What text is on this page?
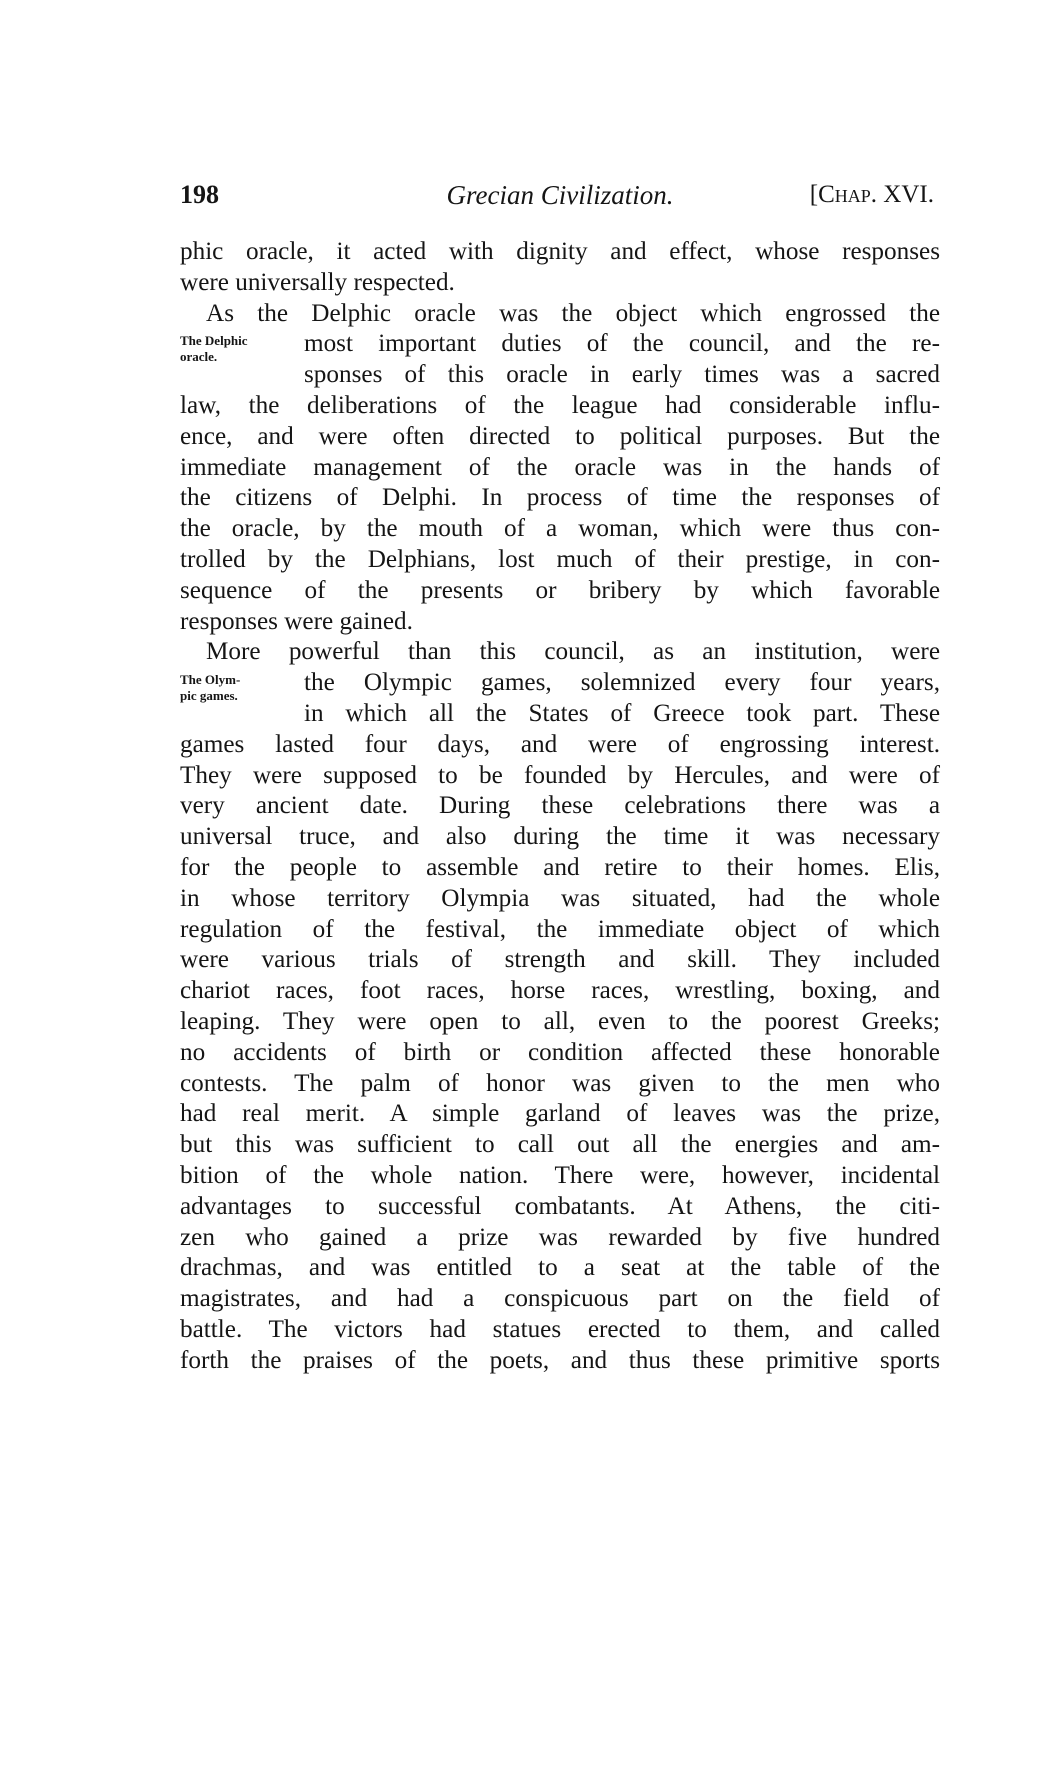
198	Grecian Civilization.	[Chap. XVI.
phic oracle, it acted with dignity and effect, whose responses
were universally respected.
As the Delphic oracle was the object which engrossed the
most important duties of the council, and the re-
sponses of this oracle in early times was a sacred
law, the deliberations of the league had considerable influ-
ence, and were often directed to political purposes. But the
immediate management of the oracle was in the hands of
the citizens of Delphi. In process of time the responses of
the oracle, by the mouth of a woman, which were thus con-
trolled by the Delphians, lost much of their prestige, in con-
sequence of the presents or bribery by which favorable
responses were gained.
More powerful than this council, as an institution, were
the Olympic games, solemnized every four years,
in which all the States of Greece took part. These
games lasted four days, and were of engrossing interest.
They were supposed to be founded by Hercules, and were of
very ancient date. During these celebrations there was a
universal truce, and also during the time it was necessary
for the people to assemble and retire to their homes. Elis,
in whose territory Olympia was situated, had the whole
regulation of the festival, the immediate object of which
were various trials of strength and skill. They included
chariot races, foot races, horse races, wrestling, boxing, and
leaping. They were open to all, even to the poorest Greeks;
no accidents of birth or condition affected these honorable
contests. The palm of honor was given to the men who
had real merit. A simple garland of leaves was the prize,
but this was sufficient to call out all the energies and am-
bition of the whole nation. There were, however, incidental
advantages to successful combatants. At Athens, the citi-
zen who gained a prize was rewarded by five hundred
drachmas, and was entitled to a seat at the table of the
magistrates, and had a conspicuous part on the field of
battle. The victors had statues erected to them, and called
forth the praises of the poets, and thus these primitive sports
The Delphic
oracle.
The Olym-
pic games.
